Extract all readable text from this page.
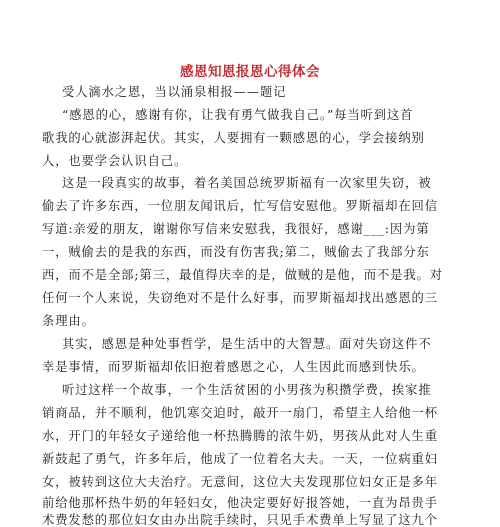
感恩知恩报恩心得体会
受人滴水之恩，当以涌泉相报——题记
“感恩的心，感谢有你，让我有勇气做我自己。”每当听到这首
歌我的心就澎湃起伏。其实，人要拥有一颗感恩的心，学会接纳别
人，也要学会认识自己。
这是一段真实的故事，着名美国总统罗斯福有一次家里失窃，被
偷去了许多东西，一位朋友闻讯后，忙写信安慰他。罗斯福却在回信
写道:亲爱的朋友，谢谢你写信来安慰我，我很好，感谢___:因为第
一，贼偷去的是我的东西，而没有伤害我;第二，贼偷去了我部分东
西，而不是全部;第三，最值得庆幸的是，做贼的是他，而不是我。对
任何一个人来说，失窃绝对不是什么好事，而罗斯福却找出感恩的三
条理由。
其实，感恩是种处事哲学，是生活中的大智慧。面对失窃这件不
幸是事情，而罗斯福却依旧抱着感恩之心，人生因此而感到快乐。
听过这样一个故事，一个生活贫困的小男孩为积攒学费，挨家推
销商品，并不顺利，他饥寒交迫时，敲开一扇门，希望主人给他一杯
水，开门的年轻女子递给他一杯热腾腾的浓牛奶，男孩从此对人生重
新鼓起了勇气，许多年后，他成了一位着名大夫。一天，一位病重妇
女，被转到这位大夫治疗。无意间，这位大夫发现那位妇女正是多年
前给他那杯热牛奶的年轻妇女，他决定要好好报答她，一直为昂贵手
术费发愁的那位妇女由办出院手续时，只见手术费单上写显了这九个
